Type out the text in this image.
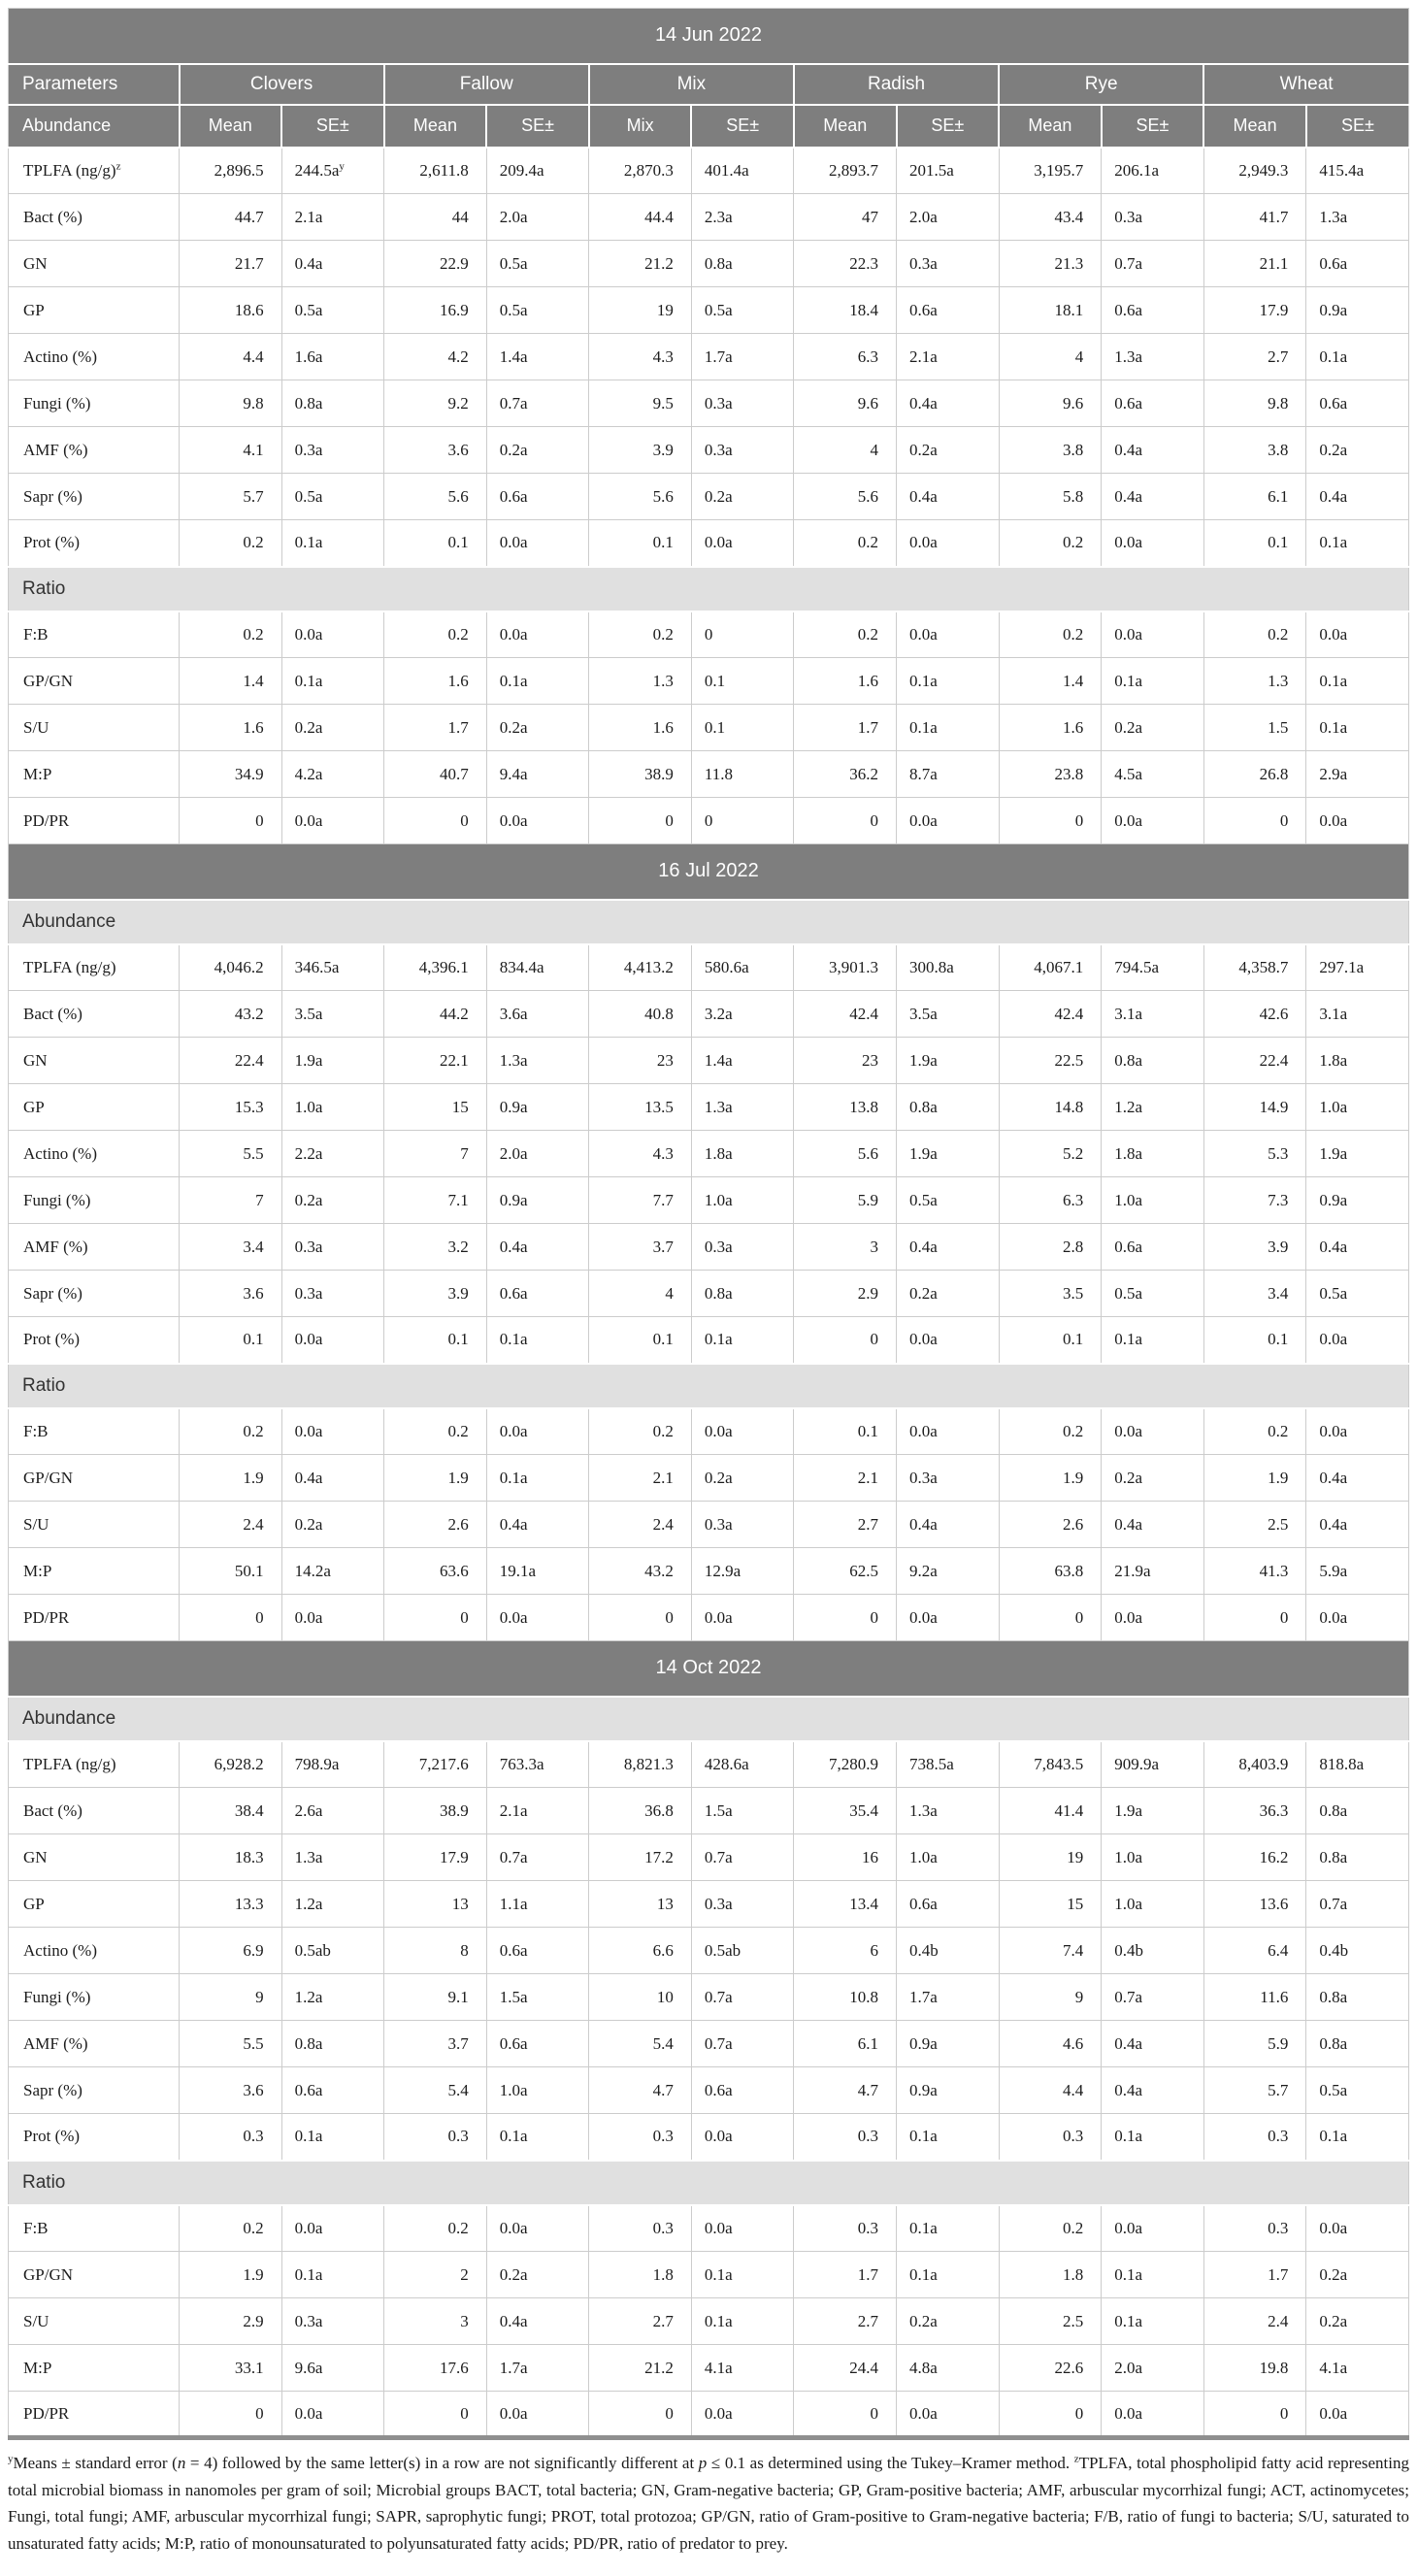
14 Jun 2022												
Parameters	Clovers		Fallow		Mix		Radish		Rye		Wheat	
Abundance	Mean	SE±	Mean	SE±	Mix	SE±	Mean	SE±	Mean	SE±	Mean	SE±
TPLFA $(ng/g)^z$	2,896.5	$244.5a^y$	2,611.8	209.4a	2,870.3	401.4a	2,893.7	201.5a	3,195.7	206.1a	2,949.3	415.4a
Bact (%)	44.7	2.1a	44	2.0a	44.4	2.3a	47	2.0a	43.4	0.3a	41.7	1.3a
GN	21.7	0.4a	22.9	0.5a	21.2	0.8a	22.3	0.3a	21.3	0.7a	21.1	0.6a
GP	18.6	0.5a	16.9	0.5a	19	0.5a	18.4	0.6a	18.1	0.6a	17.9	0.9a
Actino (%)	4.4	1.6a	4.2	1.4a	4.3	1.7a	6.3	2.1a	4	1.3a	2.7	0.1a
Fungi (%)	9.8	0.8a	9.2	0.7a	9.5	0.3a	9.6	0.4a	9.6	0.6a	9.8	0.6a
AMF (%)	4.1	0.3a	3.6	0.2a	3.9	0.3a	4	0.2a	3.8	0.4a	3.8	0.2a
Sapr (%)	5.7	0.5a	5.6	0.6a	5.6	0.2a	5.6	0.4a	5.8	0.4a	6.1	0.4a
Prot (%)	0.2	0.1a	0.1	0.0a	0.1	0.0a	0.2	0.0a	0.2	0.0a	0.1	0.1a
Ratio												
F:B	0.2	0.0a	0.2	0.0a	0.2	0	0.2	0.0a	0.2	0.0a	0.2	0.0a
GP/GN	1.4	0.1a	1.6	0.1a	1.3	0.1	1.6	0.1a	1.4	0.1a	1.3	0.1a
S/U	1.6	0.2a	1.7	0.2a	1.6	0.1	1.7	0.1a	1.6	0.2a	1.5	0.1a
M:P	34.9	4.2a	40.7	9.4a	38.9	11.8	36.2	8.7a	23.8	4.5a	26.8	2.9a
PD/PR	0	0.0a	0	0.0a	0	0	0	0.0a	0	0.0a	0	0.0a
16 Jul 2022												
Abundance												
TPLFA (ng/g)	4,046.2	346.5a	4,396.1	834.4a	4,413.2	580.6a	3,901.3	300.8a	4,067.1	794.5a	4,358.7	297.1a
Bact (%)	43.2	3.5a	44.2	3.6a	40.8	3.2a	42.4	3.5a	42.4	3.1a	42.6	3.1a
GN	22.4	1.9a	22.1	1.3a	23	1.4a	23	1.9a	22.5	0.8a	22.4	1.8a
GP	15.3	1.0a	15	0.9a	13.5	1.3a	13.8	0.8a	14.8	1.2a	14.9	1.0a
Actino (%)	5.5	2.2a	7	2.0a	4.3	1.8a	5.6	1.9a	5.2	1.8a	5.3	1.9a
Fungi (%)	7	0.2a	7.1	0.9a	7.7	1.0a	5.9	0.5a	6.3	1.0a	7.3	0.9a
AMF (%)	3.4	0.3a	3.2	0.4a	3.7	0.3a	3	0.4a	2.8	0.6a	3.9	0.4a
Sapr (%)	3.6	0.3a	3.9	0.6a	4	0.8a	2.9	0.2a	3.5	0.5a	3.4	0.5a
Prot (%)	0.1	0.0a	0.1	0.1a	0.1	0.1a	0	0.0a	0.1	0.1a	0.1	0.0a
Ratio												
F:B	0.2	0.0a	0.2	0.0a	0.2	0.0a	0.1	0.0a	0.2	0.0a	0.2	0.0a
GP/GN	1.9	0.4a	1.9	0.1a	2.1	0.2a	2.1	0.3a	1.9	0.2a	1.9	0.4a
S/U	2.4	0.2a	2.6	0.4a	2.4	0.3a	2.7	0.4a	2.6	0.4a	2.5	0.4a
M:P	50.1	14.2a	63.6	19.1a	43.2	12.9a	62.5	9.2a	63.8	21.9a	41.3	5.9a
PD/PR	0	0.0a	0	0.0a	0	0.0a	0	0.0a	0	0.0a	0	0.0a
14 Oct 2022												
Abundance												
TPLFA (ng/g)	6,928.2	798.9a	7,217.6	763.3a	8,821.3	428.6a	7,280.9	738.5a	7,843.5	909.9a	8,403.9	818.8a
Bact (%)	38.4	2.6a	38.9	2.1a	36.8	1.5a	35.4	1.3a	41.4	1.9a	36.3	0.8a
GN	18.3	1.3a	17.9	0.7a	17.2	0.7a	16	1.0a	19	1.0a	16.2	0.8a
GP	13.3	1.2a	13	1.1a	13	0.3a	13.4	0.6a	15	1.0a	13.6	0.7a
Actino (%)	6.9	0.5ab	8	0.6a	6.6	0.5ab	6	0.4b	7.4	0.4b	6.4	0.4b
Fungi (%)	9	1.2a	9.1	1.5a	10	0.7a	10.8	1.7a	9	0.7a	11.6	0.8a
AMF (%)	5.5	0.8a	3.7	0.6a	5.4	0.7a	6.1	0.9a	4.6	0.4a	5.9	0.8a
Sapr (%)	3.6	0.6a	5.4	1.0a	4.7	0.6a	4.7	0.9a	4.4	0.4a	5.7	0.5a
Prot (%)	0.3	0.1a	0.3	0.1a	0.3	0.0a	0.3	0.1a	0.3	0.1a	0.3	0.1a
Ratio												
F:B	0.2	0.0a	0.2	0.0a	0.3	0.0a	0.3	0.1a	0.2	0.0a	0.3	0.0a
GP/GN	1.9	0.1a	2	0.2a	1.8	0.1a	1.7	0.1a	1.8	0.1a	1.7	0.2a
S/U	2.9	0.3a	3	0.4a	2.7	0.1a	2.7	0.2a	2.5	0.1a	2.4	0.2a
M:P	33.1	9.6a	17.6	1.7a	21.2	4.1a	24.4	4.8a	22.6	2.0a	19.8	4.1a
PD/PR	0	0.0a	0	0.0a	0	0.0a	0	0.0a	0	0.0a	0	0.0a

$^y$Means ± standard error (n = 4) followed by the same letter(s) in a row are not significantly different at p ≤ 0.1 as determined using the Tukey–Kramer method. $^z$TPLFA, total phospholipid fatty acid representing total microbial biomass in nanomoles per gram of soil; Microbial groups BACT, total bacteria; GN, Gram-negative bacteria; GP, Gram-positive bacteria; AMF, arbuscular mycorrhizal fungi; ACT, actinomycetes; Fungi, total fungi; AMF, arbuscular mycorrhizal fungi; SAPR, saprophytic fungi; PROT, total protozoa; GP/GN, ratio of Gram-positive to Gram-negative bacteria; F/B, ratio of fungi to bacteria; S/U, saturated to unsaturated fatty acids; M:P, ratio of monounsaturated to polyunsaturated fatty acids; PD/PR, ratio of predator to prey.
